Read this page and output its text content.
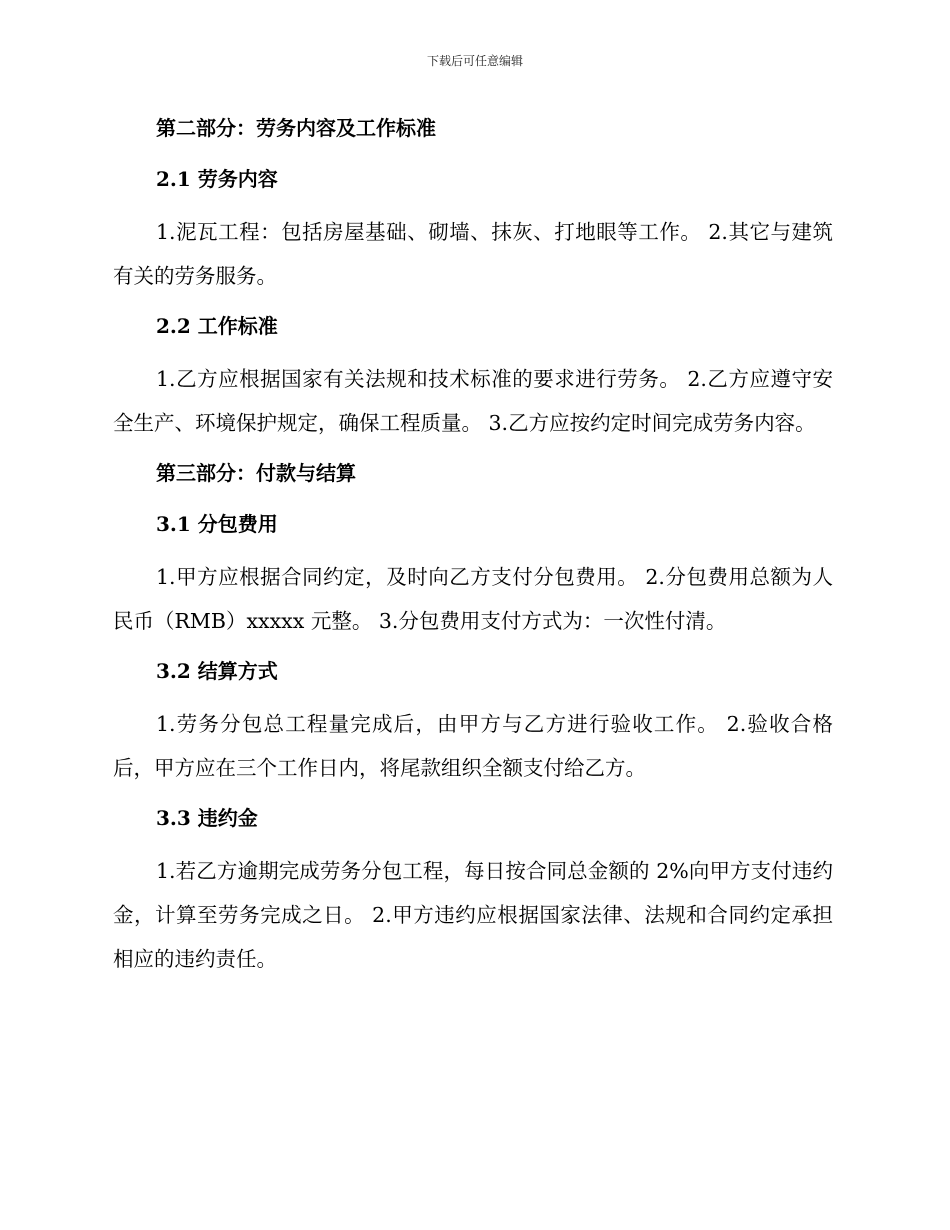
下载后可任意编辑
第二部分：劳务内容及工作标准
2.1 劳务内容

1.泥瓦工程：包括房屋基础、砌墙、抹灰、打地眼等工作。 2.其它与建筑有关的劳务服务。

2.2 工作标准

1.乙方应根据国家有关法规和技术标准的要求进行劳务。 2.乙方应遵守安全生产、环境保护规定，确保工程质量。 3.乙方应按约定时间完成劳务内容。

第三部分：付款与结算
3.1 分包费用

1.甲方应根据合同约定，及时向乙方支付分包费用。 2.分包费用总额为人民币（RMB）xxxxx 元整。 3.分包费用支付方式为：一次性付清。

3.2 结算方式

1.劳务分包总工程量完成后，由甲方与乙方进行验收工作。 2.验收合格后，甲方应在三个工作日内，将尾款组织全额支付给乙方。

3.3 违约金

1.若乙方逾期完成劳务分包工程，每日按合同总金额的 2%向甲方支付违约金，计算至劳务完成之日。 2.甲方违约应根据国家法律、法规和合同约定承担相应的违约责任。
